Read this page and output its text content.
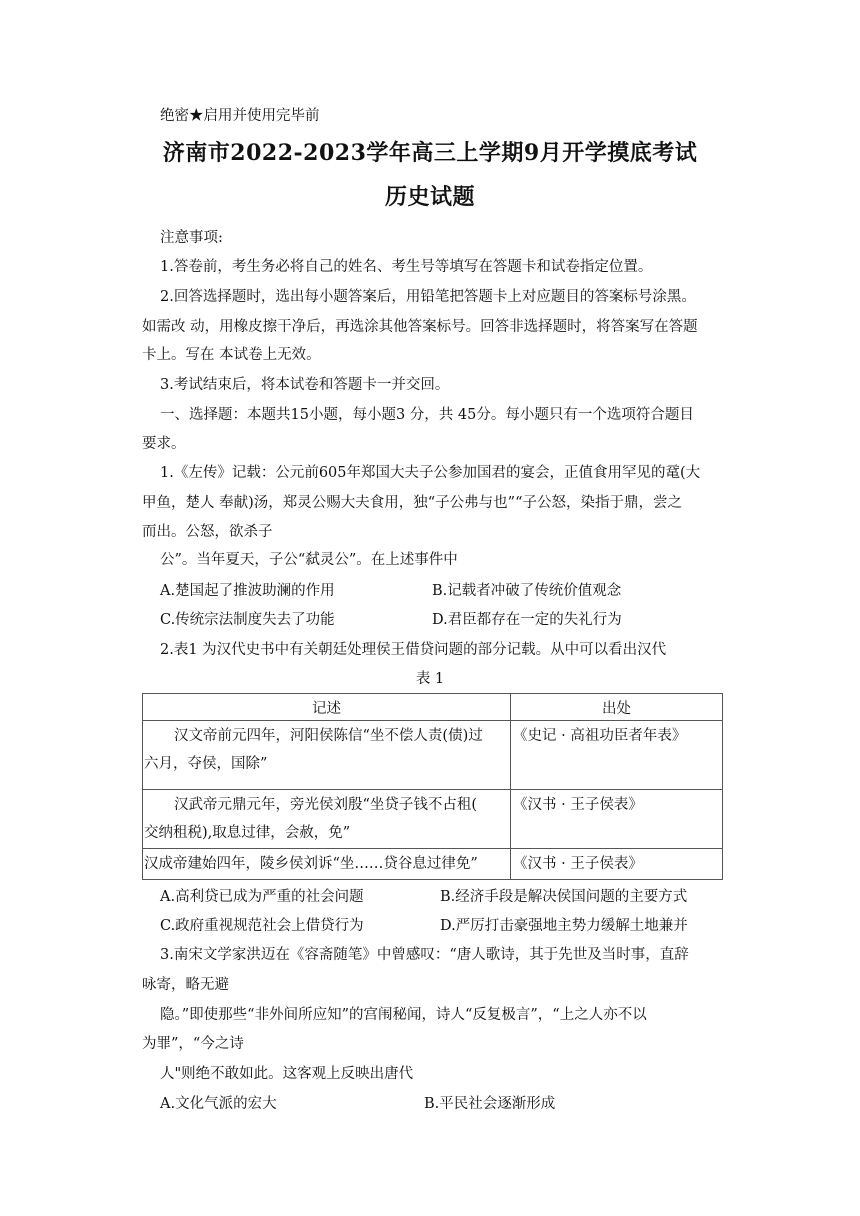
绝密★启用并使用完毕前
济南市2022-2023学年高三上学期9月开学摸底考试
历史试题
注意事项:
1.答卷前，考生务必将自己的姓名、考生号等填写在答题卡和试卷指定位置。
2.回答选择题时，选出每小题答案后，用铅笔把答题卡上对应题目的答案标号涂黑。
如需改 动，用橡皮擦干净后，再选涂其他答案标号。回答非选择题时，将答案写在答题
卡上。写在 本试卷上无效。
3.考试结束后，将本试卷和答题卡一并交回。
一、选择题：本题共15小题，每小题3 分，共 45分。每小题只有一个选项符合题目
要求。
1.《左传》记载：公元前605年郑国大夫子公参加国君的宴会，正值食用罕见的鼋(大
甲鱼，楚人 奉献)汤，郑灵公赐大夫食用，独“子公弗与也”“子公怒，染指于鼎，尝之
而出。公怒，欲杀子
公”。当年夏天，子公“弑灵公”。在上述事件中
A.楚国起了推波助澜的作用	B.记载者冲破了传统价值观念
C.传统宗法制度失去了功能	D.君臣都存在一定的失礼行为
2.表1 为汉代史书中有关朝廷处理侯王借贷问题的部分记载。从中可以看出汉代
表 1
记述	出处

汉文帝前元四年，河阳侯陈信“坐不偿人责(债)过
六月，夺侯，国除”	《史记 · 高祖功臣者年表》

汉武帝元鼎元年，旁光侯刘殷“坐贷子钱不占租(
交纳租税),取息过律，会赦，免”	《汉书 · 王子侯表》

汉成帝建始四年，陵乡侯刘诉“坐……贷谷息过律免”	《汉书 · 王子侯表》
A.高利贷已成为严重的社会问题	B.经济手段是解决侯国问题的主要方式
C.政府重视规范社会上借贷行为	D.严厉打击豪强地主势力缓解土地兼并
3.南宋文学家洪迈在《容斋随笔》中曾感叹：“唐人歌诗，其于先世及当时事，直辞
咏寄，略无避
隐。”即使那些“非外间所应知”的宫闱秘闻，诗人“反复极言”，“上之人亦不以
为罪”，“今之诗
人"则绝不敢如此。这客观上反映出唐代
A.文化气派的宏大	B.平民社会逐渐形成
